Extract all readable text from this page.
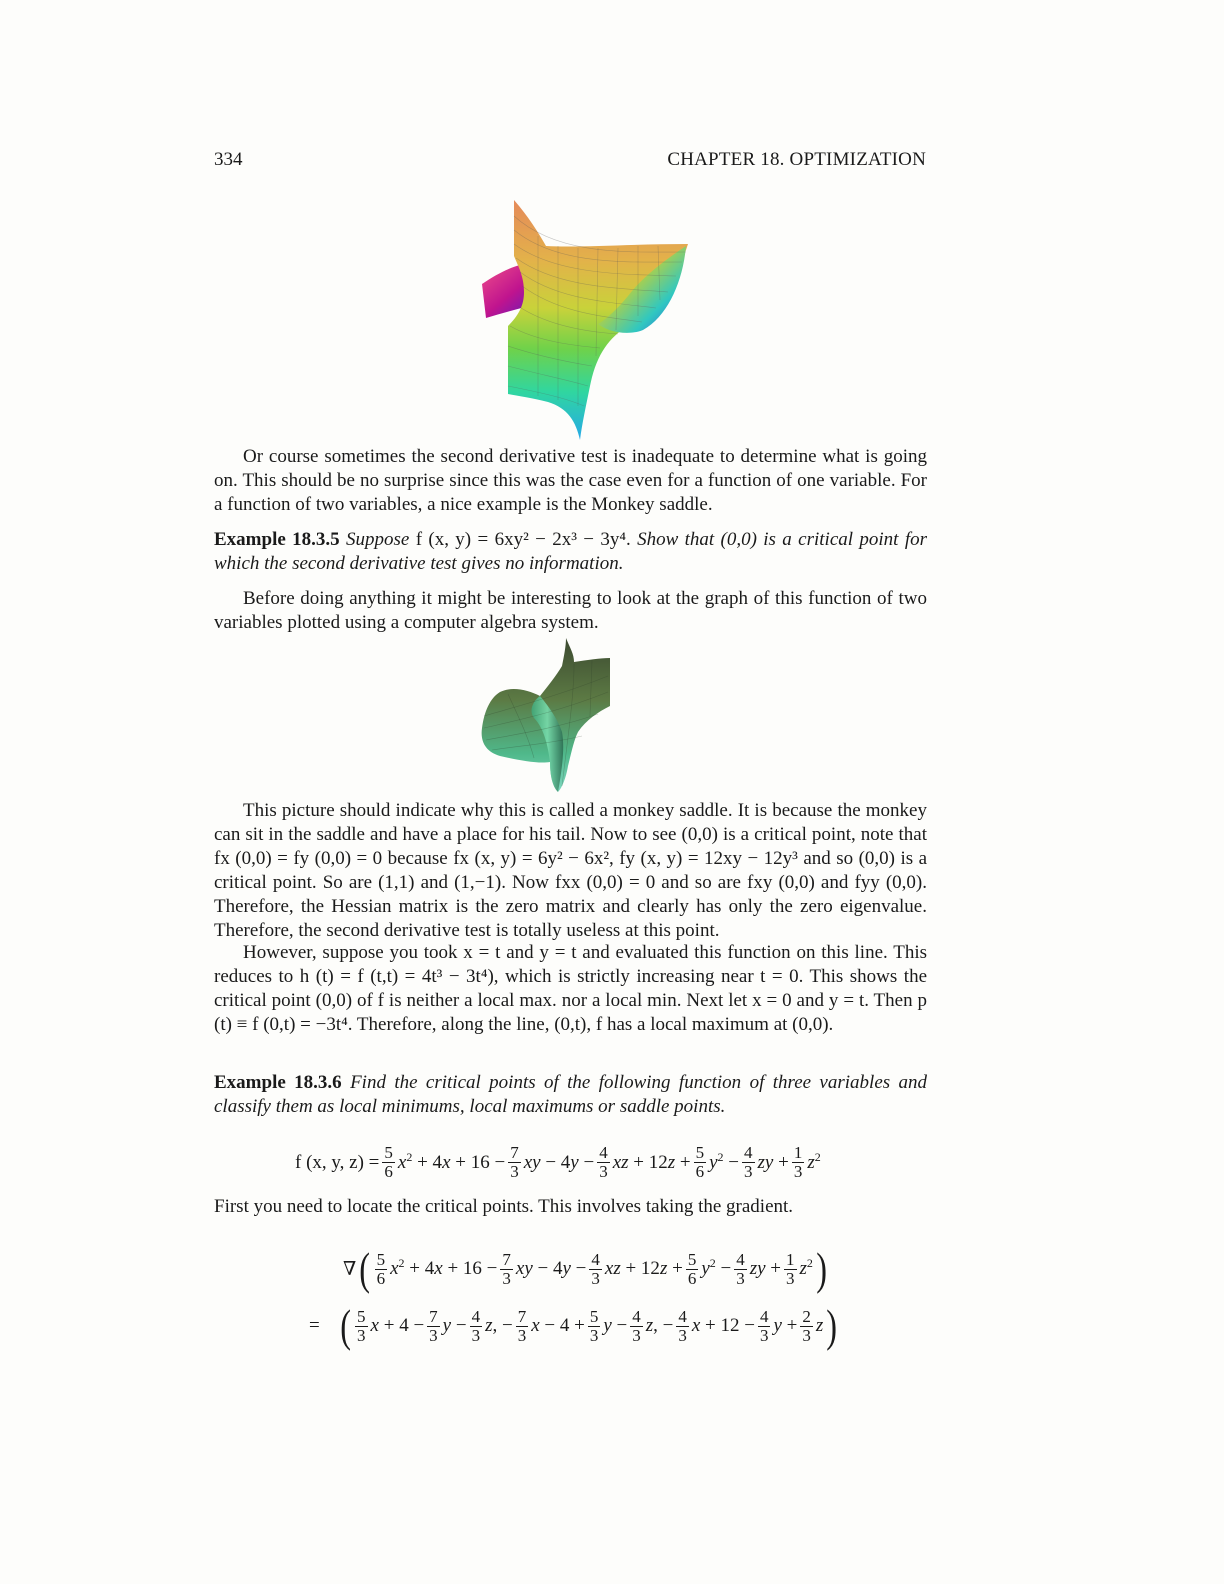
334	CHAPTER 18. OPTIMIZATION

Or course sometimes the second derivative test is inadequate to determine what is going on. This should be no surprise since this was the case even for a function of one variable. For a function of two variables, a nice example is the Monkey saddle.

Example 18.3.5 Suppose f (x, y) = 6xy² − 2x³ − 3y⁴. Show that (0,0) is a critical point for which the second derivative test gives no information.

Before doing anything it might be interesting to look at the graph of this function of two variables plotted using a computer algebra system.

This picture should indicate why this is called a monkey saddle. It is because the monkey can sit in the saddle and have a place for his tail. Now to see (0,0) is a critical point, note that fx (0,0) = fy (0,0) = 0 because fx (x, y) = 6y² − 6x², fy (x, y) = 12xy − 12y³ and so (0,0) is a critical point. So are (1,1) and (1,−1). Now fxx (0,0) = 0 and so are fxy (0,0) and fyy (0,0). Therefore, the Hessian matrix is the zero matrix and clearly has only the zero eigenvalue. Therefore, the second derivative test is totally useless at this point.

However, suppose you took x = t and y = t and evaluated this function on this line. This reduces to h (t) = f (t,t) = 4t³ − 3t⁴), which is strictly increasing near t = 0. This shows the critical point (0,0) of f is neither a local max. nor a local min. Next let x = 0 and y = t. Then p (t) ≡ f (0,t) = −3t⁴. Therefore, along the line, (0,t), f has a local maximum at (0,0).

Example 18.3.6 Find the critical points of the following function of three variables and classify them as local minimums, local maximums or saddle points.

f (x, y, $z) = \frac{5}{6} x^2 + 4x + 16 - \frac{7}{3}$ xy − $4y - \frac{4}{3}$ xz + $12z + \frac{5}{6} y^2 - \frac{4}{3}$ zy + $\frac{1}{3} z^2$

First you need to locate the critical points. This involves taking the gradient.

∇ ( $\frac{5}{6} x^2 + 4x + 16 - \frac{7}{3}$ xy − $4y - \frac{4}{3}$ xz + $12z + \frac{5}{6} y^2 - \frac{4}{3}$ zy + $\frac{1}{3} z^2$ )
= ( $\frac{5}{3}$ $x + 4 - \frac{7}{3}$ $y - \frac{4}{3} z$, − $\frac{7}{3}$ $x - 4 + \frac{5}{3}$ $y - \frac{4}{3} z$, − $\frac{4}{3}$ $x + 12 - \frac{4}{3}$ $y + \frac{2}{3}$ z )
